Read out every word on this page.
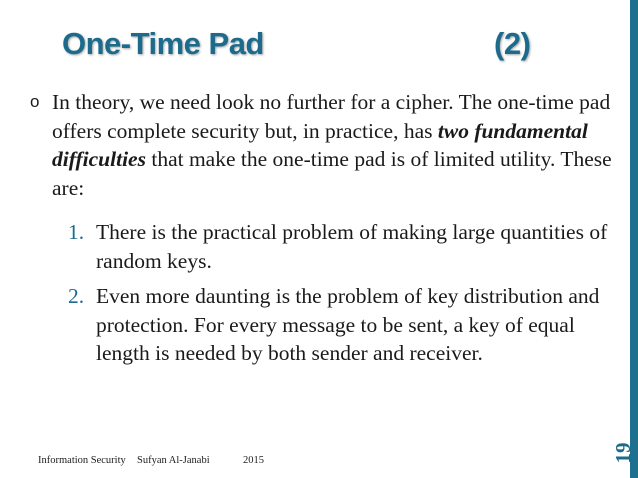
One-Time Pad	(2)
o In theory, we need look no further for a cipher. The one-time pad offers complete security but, in practice, has two fundamental difficulties that make the one-time pad is of limited utility. These are:
1. There is the practical problem of making large quantities of random keys.
2. Even more daunting is the problem of key distribution and protection. For every message to be sent, a key of equal length is needed by both sender and receiver.
Information Security Sufyan Al-Janabi	2015	19
